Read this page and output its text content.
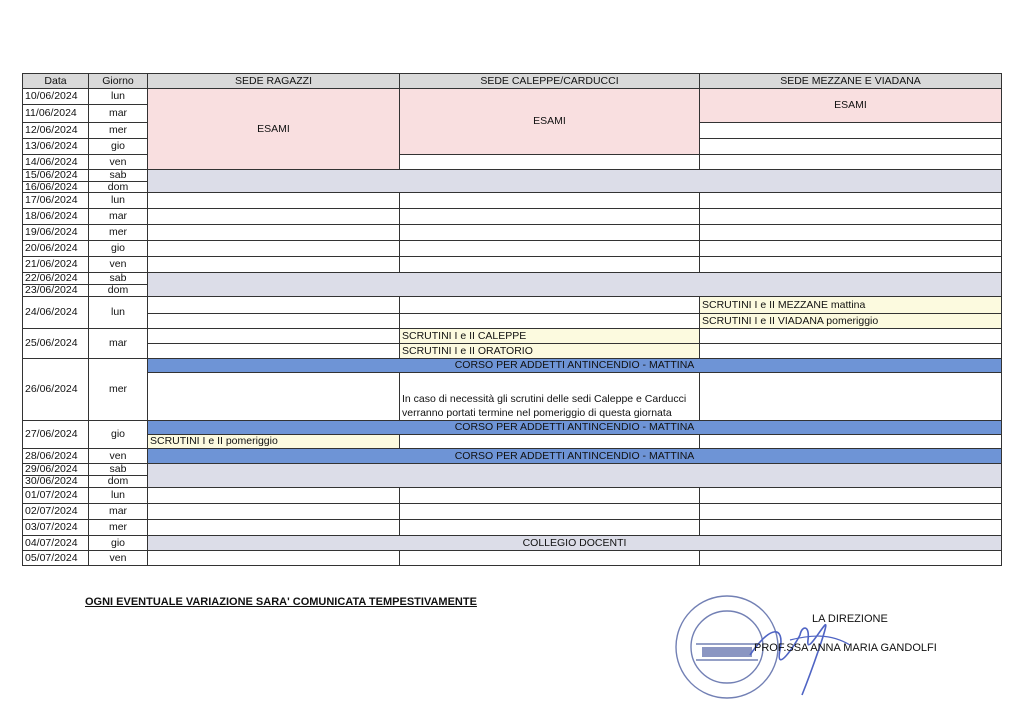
Data	Giorno	SEDE RAGAZZI	SEDE CALEPPE/CARDUCCI	SEDE MEZZANE E VIADANA
10/06/2024	lun	ESAMI	ESAMI	ESAMI
11/06/2024	mar			
12/06/2024	mer			
13/06/2024	gio			
14/06/2024	ven			
15/06/2024	sab			
16/06/2024	dom			
17/06/2024	lun			
18/06/2024	mar			
19/06/2024	mer			
20/06/2024	gio			
21/06/2024	ven			
22/06/2024	sab			
23/06/2024	dom			
24/06/2024	lun			SCRUTINI I e II MEZZANE mattina
				SCRUTINI I e II VIADANA pomeriggio
25/06/2024	mar		SCRUTINI I e II CALEPPE	
			SCRUTINI I e II ORATORIO	
26/06/2024	mer	CORSO PER ADDETTI ANTINCENDIO - MATTINA		
			In caso di necessità gli scrutini delle sedi Caleppe e Carducci verranno portati termine nel pomeriggio di questa giornata	
27/06/2024	gio	CORSO PER ADDETTI ANTINCENDIO - MATTINA		
		SCRUTINI I e II pomeriggio		
28/06/2024	ven	CORSO PER ADDETTI ANTINCENDIO - MATTINA		
29/06/2024	sab			
30/06/2024	dom			
01/07/2024	lun			
02/07/2024	mar			
03/07/2024	mer			
04/07/2024	gio	COLLEGIO DOCENTI		
05/07/2024	ven			
OGNI EVENTUALE VARIAZIONE SARA' COMUNICATA TEMPESTIVAMENTE
LA DIREZIONE
PROF.SSA ANNA MARIA GANDOLFI
